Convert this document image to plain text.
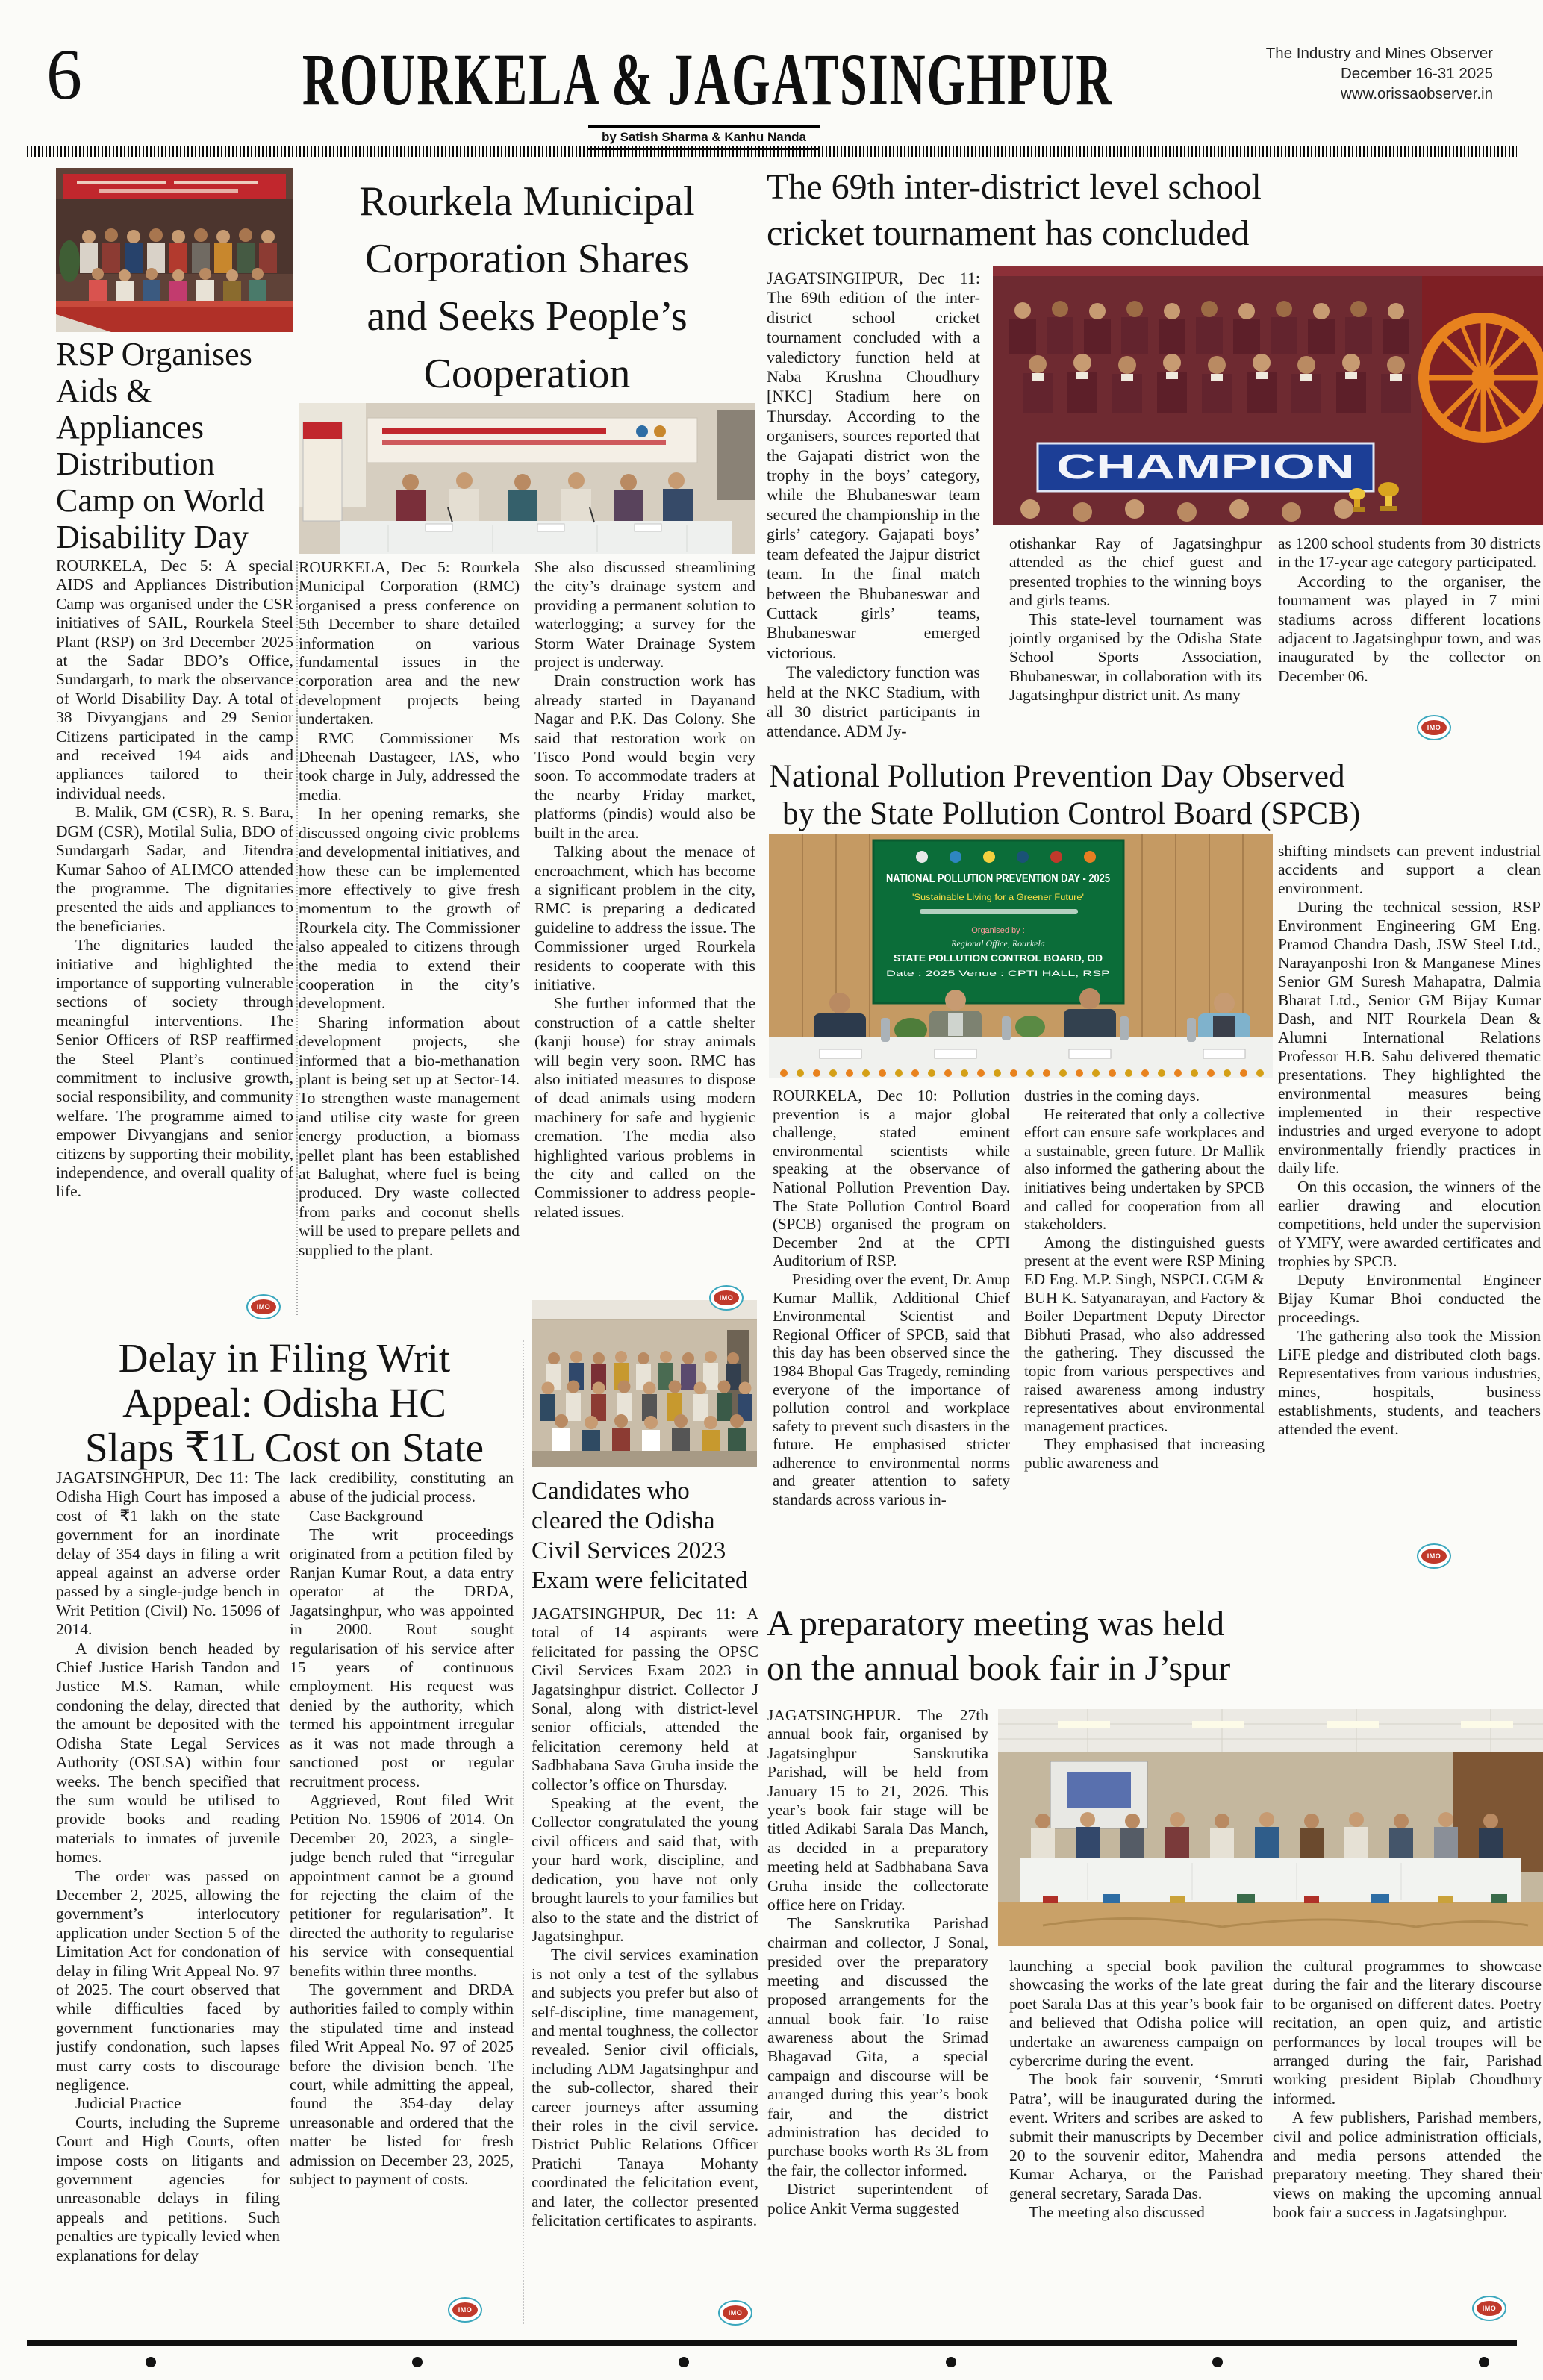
6	ROURKELA & JAGATSINGHPUR
by Satish Sharma & Kanhu Nanda
The Industry and Mines Observer
December 16-31 2025
www.orissaobserver.in
CHAMPION
NATIONAL POLLUTION PREVENTION DAY - 2025
'Sustainable Living for a Greener Future'
Organised by :
Regional Office, Rourkela
STATE POLLUTION CONTROL BOARD, OD
Date : 2025 Venue : CPTI HALL, RSP
RSP Organises
Aids &
Appliances
Distribution
Camp on World
Disability Day
Rourkela Municipal
Corporation Shares
and Seeks People’s
Cooperation
The 69th inter-district level school
cricket tournament has concluded
National Pollution Prevention Day Observed
by the State Pollution Control Board (SPCB)
Delay in Filing Writ
Appeal: Odisha HC
Slaps ₹1L Cost on State
Candidates who
cleared the Odisha
Civil Services 2023
Exam were felicitated
A preparatory meeting was held
on the annual book fair in J’spur

ROURKELA, Dec 5: A special AIDS and Appliances Distribution Camp was organised under the CSR initiatives of SAIL, Rourkela Steel Plant (RSP) on 3rd December 2025 at the Sadar BDO’s Office, Sundargarh, to mark the observance of World Disability Day. A total of 38 Divyangjans and 29 Senior Citizens participated in the camp and received 194 aids and appliances tailored to their individual needs.

B. Malik, GM (CSR), R. S. Bara, DGM (CSR), Motilal Sulia, BDO of Sundargarh Sadar, and Jitendra Kumar Sahoo of ALIMCO attended the programme. The dignitaries presented the aids and appliances to the beneficiaries.

The dignitaries lauded the initiative and highlighted the importance of supporting vulnerable sections of society through meaningful interventions. The Senior Officers of RSP reaffirmed the Steel Plant’s continued commitment to inclusive growth, social responsibility, and community welfare. The programme aimed to empower Divyangjans and senior citizens by supporting their mobility, independence, and overall quality of life.

ROURKELA, Dec 5: Rourkela Municipal Corporation (RMC) organised a press conference on 5th December to share detailed information on various fundamental issues in the corporation area and the new development projects being undertaken.

RMC Commissioner Ms Dheenah Dastageer, IAS, who took charge in July, addressed the media.

In her opening remarks, she discussed ongoing civic problems and developmental initiatives, and how these can be implemented more effectively to give fresh momentum to the growth of Rourkela city. The Commissioner also appealed to citizens through the media to extend their cooperation in the city’s development.

Sharing information about development projects, she informed that a bio-methanation plant is being set up at Sector-14. To strengthen waste management and utilise city waste for green energy production, a biomass pellet plant has been established at Balughat, where fuel is being produced. Dry waste collected from parks and coconut shells will be used to prepare pellets and supplied to the plant.

She also discussed streamlining the city’s drainage system and providing a permanent solution to waterlogging; a survey for the Storm Water Drainage System project is underway.

Drain construction work has already started in Dayanand Nagar and P.K. Das Colony. She said that restoration work on Tisco Pond would begin very soon. To accommodate traders at the nearby Friday market, platforms (pindis) would also be built in the area.

Talking about the menace of encroachment, which has become a significant problem in the city, RMC is preparing a dedicated guideline to address the issue. The Commissioner urged Rourkela residents to cooperate with this initiative.

She further informed that the construction of a cattle shelter (kanji house) for stray animals will begin very soon. RMC has also initiated measures to dispose of dead animals using modern machinery for safe and hygienic cremation. The media also highlighted various problems in the city and called on the Commissioner to address people-related issues.

JAGATSINGHPUR, Dec 11: The 69th edition of the inter-district school cricket tournament concluded with a valedictory function held at Naba Krushna Choudhury [NKC] Stadium here on Thursday. According to the organisers, sources reported that the Gajapati district won the trophy in the boys’ category, while the Bhubaneswar team secured the championship in the girls’ category. Gajapati boys’ team defeated the Jajpur district team. In the final match between the Bhubaneswar and Cuttack girls’ teams, Bhubaneswar emerged victorious.

The valedictory function was held at the NKC Stadium, with all 30 district participants in attendance. ADM Jy-

otishankar Ray of Jagatsinghpur attended as the chief guest and presented trophies to the winning boys and girls teams.

This state-level tournament was jointly organised by the Odisha State School Sports Association, Bhubaneswar, in collaboration with its Jagatsinghpur district unit. As many

as 1200 school students from 30 districts in the 17-year age category participated.

According to the organiser, the tournament was played in 7 mini stadiums across different locations adjacent to Jagatsinghpur town, and was inaugurated by the collector on December 06.

ROURKELA, Dec 10: Pollution prevention is a major global challenge, stated eminent environmental scientists while speaking at the observance of National Pollution Prevention Day. The State Pollution Control Board (SPCB) organised the program on December 2nd at the CPTI Auditorium of RSP.

Presiding over the event, Dr. Anup Kumar Mallik, Additional Chief Environmental Scientist and Regional Officer of SPCB, said that this day has been observed since the 1984 Bhopal Gas Tragedy, reminding everyone of the importance of pollution control and workplace safety to prevent such disasters in the future. He emphasised stricter adherence to environmental norms and greater attention to safety standards across various in-

dustries in the coming days.

He reiterated that only a collective effort can ensure safe workplaces and a sustainable, green future. Dr Mallik also informed the gathering about the initiatives being undertaken by SPCB and called for cooperation from all stakeholders.

Among the distinguished guests present at the event were RSP Mining ED Eng. M.P. Singh, NSPCL CGM & BUH K. Satyanarayan, and Factory & Boiler Department Deputy Director Bibhuti Prasad, who also addressed the gathering. They discussed the topic from various perspectives and raised awareness among industry representatives about environmental management practices.

They emphasised that increasing public awareness and

shifting mindsets can prevent industrial accidents and support a clean environment.

During the technical session, RSP Environment Engineering GM Eng. Pramod Chandra Dash, JSW Steel Ltd., Narayanposhi Iron & Manganese Mines Senior GM Suresh Mahapatra, Dalmia Bharat Ltd., Senior GM Bijay Kumar Dash, and NIT Rourkela Dean & Alumni International Relations Professor H.B. Sahu delivered thematic presentations. They highlighted the environmental measures being implemented in their respective industries and urged everyone to adopt environmentally friendly practices in daily life.

On this occasion, the winners of the earlier drawing and elocution competitions, held under the supervision of YMFY, were awarded certificates and trophies by SPCB.

Deputy Environmental Engineer Bijay Kumar Bhoi conducted the proceedings.

The gathering also took the Mission LiFE pledge and distributed cloth bags. Representatives from various industries, mines, hospitals, business establishments, students, and teachers attended the event.

JAGATSINGHPUR, Dec 11: The Odisha High Court has imposed a cost of ₹1 lakh on the state government for an inordinate delay of 354 days in filing a writ appeal against an adverse order passed by a single-judge bench in Writ Petition (Civil) No. 15096 of 2014.

A division bench headed by Chief Justice Harish Tandon and Justice M.S. Raman, while condoning the delay, directed that the amount be deposited with the Odisha State Legal Services Authority (OSLSA) within four weeks. The bench specified that the sum would be utilised to provide books and reading materials to inmates of juvenile homes.

The order was passed on December 2, 2025, allowing the government’s interlocutory application under Section 5 of the Limitation Act for condonation of delay in filing Writ Appeal No. 97 of 2025. The court observed that while difficulties faced by government functionaries may justify condonation, such lapses must carry costs to discourage negligence.

Judicial Practice

Courts, including the Supreme Court and High Courts, often impose costs on litigants and government agencies for unreasonable delays in filing appeals and petitions. Such penalties are typically levied when explanations for delay

lack credibility, constituting an abuse of the judicial process.

Case Background

The writ proceedings originated from a petition filed by Ranjan Kumar Rout, a data entry operator at the DRDA, Jagatsinghpur, who was appointed in 2000. Rout sought regularisation of his service after 15 years of continuous employment. His request was denied by the authority, which termed his appointment irregular as it was not made through a sanctioned post or regular recruitment process.

Aggrieved, Rout filed Writ Petition No. 15906 of 2014. On December 20, 2023, a single-judge bench ruled that “irregular appointment cannot be a ground for rejecting the claim of the petitioner for regularisation”. It directed the authority to regularise his service with consequential benefits within three months.

The government and DRDA authorities failed to comply within the stipulated time and instead filed Writ Appeal No. 97 of 2025 before the division bench. The court, while admitting the appeal, found the 354-day delay unreasonable and ordered that the matter be listed for fresh admission on December 23, 2025, subject to payment of costs.

JAGATSINGHPUR, Dec 11: A total of 14 aspirants were felicitated for passing the OPSC Civil Services Exam 2023 in Jagatsinghpur district. Collector J Sonal, along with district-level senior officials, attended the felicitation ceremony held at Sadbhabana Sava Gruha inside the collector’s office on Thursday.

Speaking at the event, the Collector congratulated the young civil officers and said that, with your hard work, discipline, and dedication, you have not only brought laurels to your families but also to the state and the district of Jagatsinghpur.

The civil services examination is not only a test of the syllabus and subjects you prefer but also of self-discipline, time management, and mental toughness, the collector revealed. Senior civil officials, including ADM Jagatsinghpur and the sub-collector, shared their career journeys after assuming their roles in the civil service. District Public Relations Officer Pratichi Tanaya Mohanty coordinated the felicitation event, and later, the collector presented felicitation certificates to aspirants.

JAGATSINGHPUR. The 27th annual book fair, organised by Jagatsinghpur Sanskrutika Parishad, will be held from January 15 to 21, 2026. This year’s book fair stage will be titled Adikabi Sarala Das Manch, as decided in a preparatory meeting held at Sadbhabana Sava Gruha inside the collectorate office here on Friday.

The Sanskrutika Parishad chairman and collector, J Sonal, presided over the preparatory meeting and discussed the proposed arrangements for the annual book fair. To raise awareness about the Srimad Bhagavad Gita, a special campaign and discourse will be arranged during this year’s book fair, and the district administration has decided to purchase books worth Rs 3L from the fair, the collector informed.

District superintendent of police Ankit Verma suggested

launching a special book pavilion showcasing the works of the late great poet Sarala Das at this year’s book fair and believed that Odisha police will undertake an awareness campaign on cybercrime during the event.

The book fair souvenir, ‘Smruti Patra’, will be inaugurated during the event. Writers and scribes are asked to submit their manuscripts by December 20 to the souvenir editor, Mahendra Kumar Acharya, or the Parishad general secretary, Sarada Das.

The meeting also discussed

the cultural programmes to showcase during the fair and the literary discourse to be organised on different dates. Poetry recitation, an open quiz, and artistic performances by local troupes will be arranged during the fair, Parishad working president Biplab Choudhury informed.

A few publishers, Parishad members, civil and police administration officials, and media persons attended the preparatory meeting. They shared their views on making the upcoming annual book fair a success in Jagatsinghpur.

IMO
IMO
IMO
IMO
IMO	IMO
IMO
